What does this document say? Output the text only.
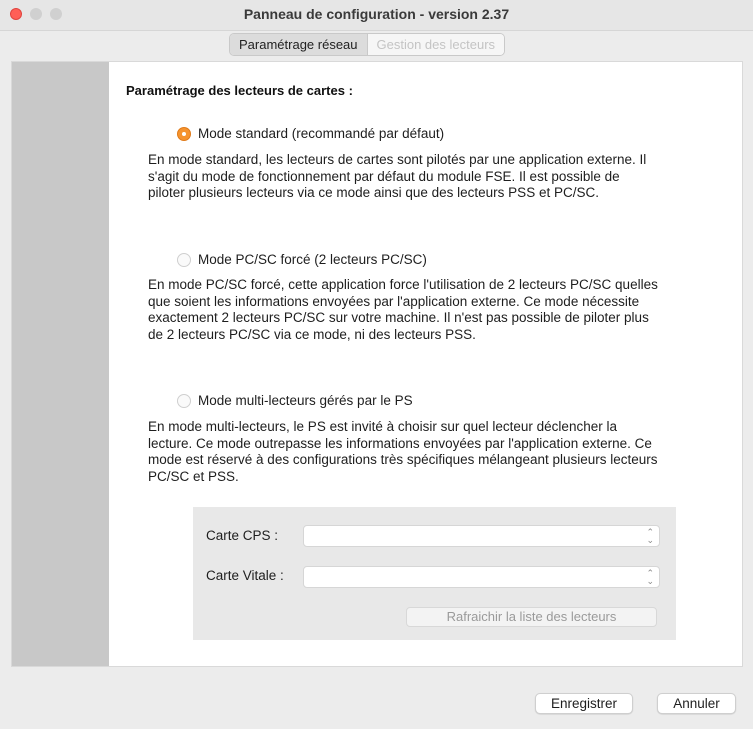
Panneau de configuration - version 2.37
Paramétrage réseau	Gestion des lecteurs
Paramétrage des lecteurs de cartes :
Mode standard (recommandé par défaut)
En mode standard, les lecteurs de cartes sont pilotés par une application externe. Il s'agit du mode de fonctionnement par défaut du module FSE. Il est possible de piloter plusieurs lecteurs via ce mode ainsi que des lecteurs PSS et PC/SC.
Mode PC/SC forcé (2 lecteurs PC/SC)
En mode PC/SC forcé, cette application force l'utilisation de 2 lecteurs PC/SC quelles que soient les informations envoyées par l'application externe. Ce mode nécessite exactement 2 lecteurs PC/SC sur votre machine. Il n'est pas possible de piloter plus de 2 lecteurs PC/SC via ce mode, ni des lecteurs PSS.
Mode multi-lecteurs gérés par le PS
En mode multi-lecteurs, le PS est invité à choisir sur quel lecteur déclencher la lecture. Ce mode outrepasse les informations envoyées par l'application externe. Ce mode est réservé à des configurations très spécifiques mélangeant plusieurs lecteurs PC/SC et PSS.
Carte CPS :	⌃
⌄
Carte Vitale :	⌃
⌄
Rafraichir la liste des lecteurs
Enregistrer	Annuler
